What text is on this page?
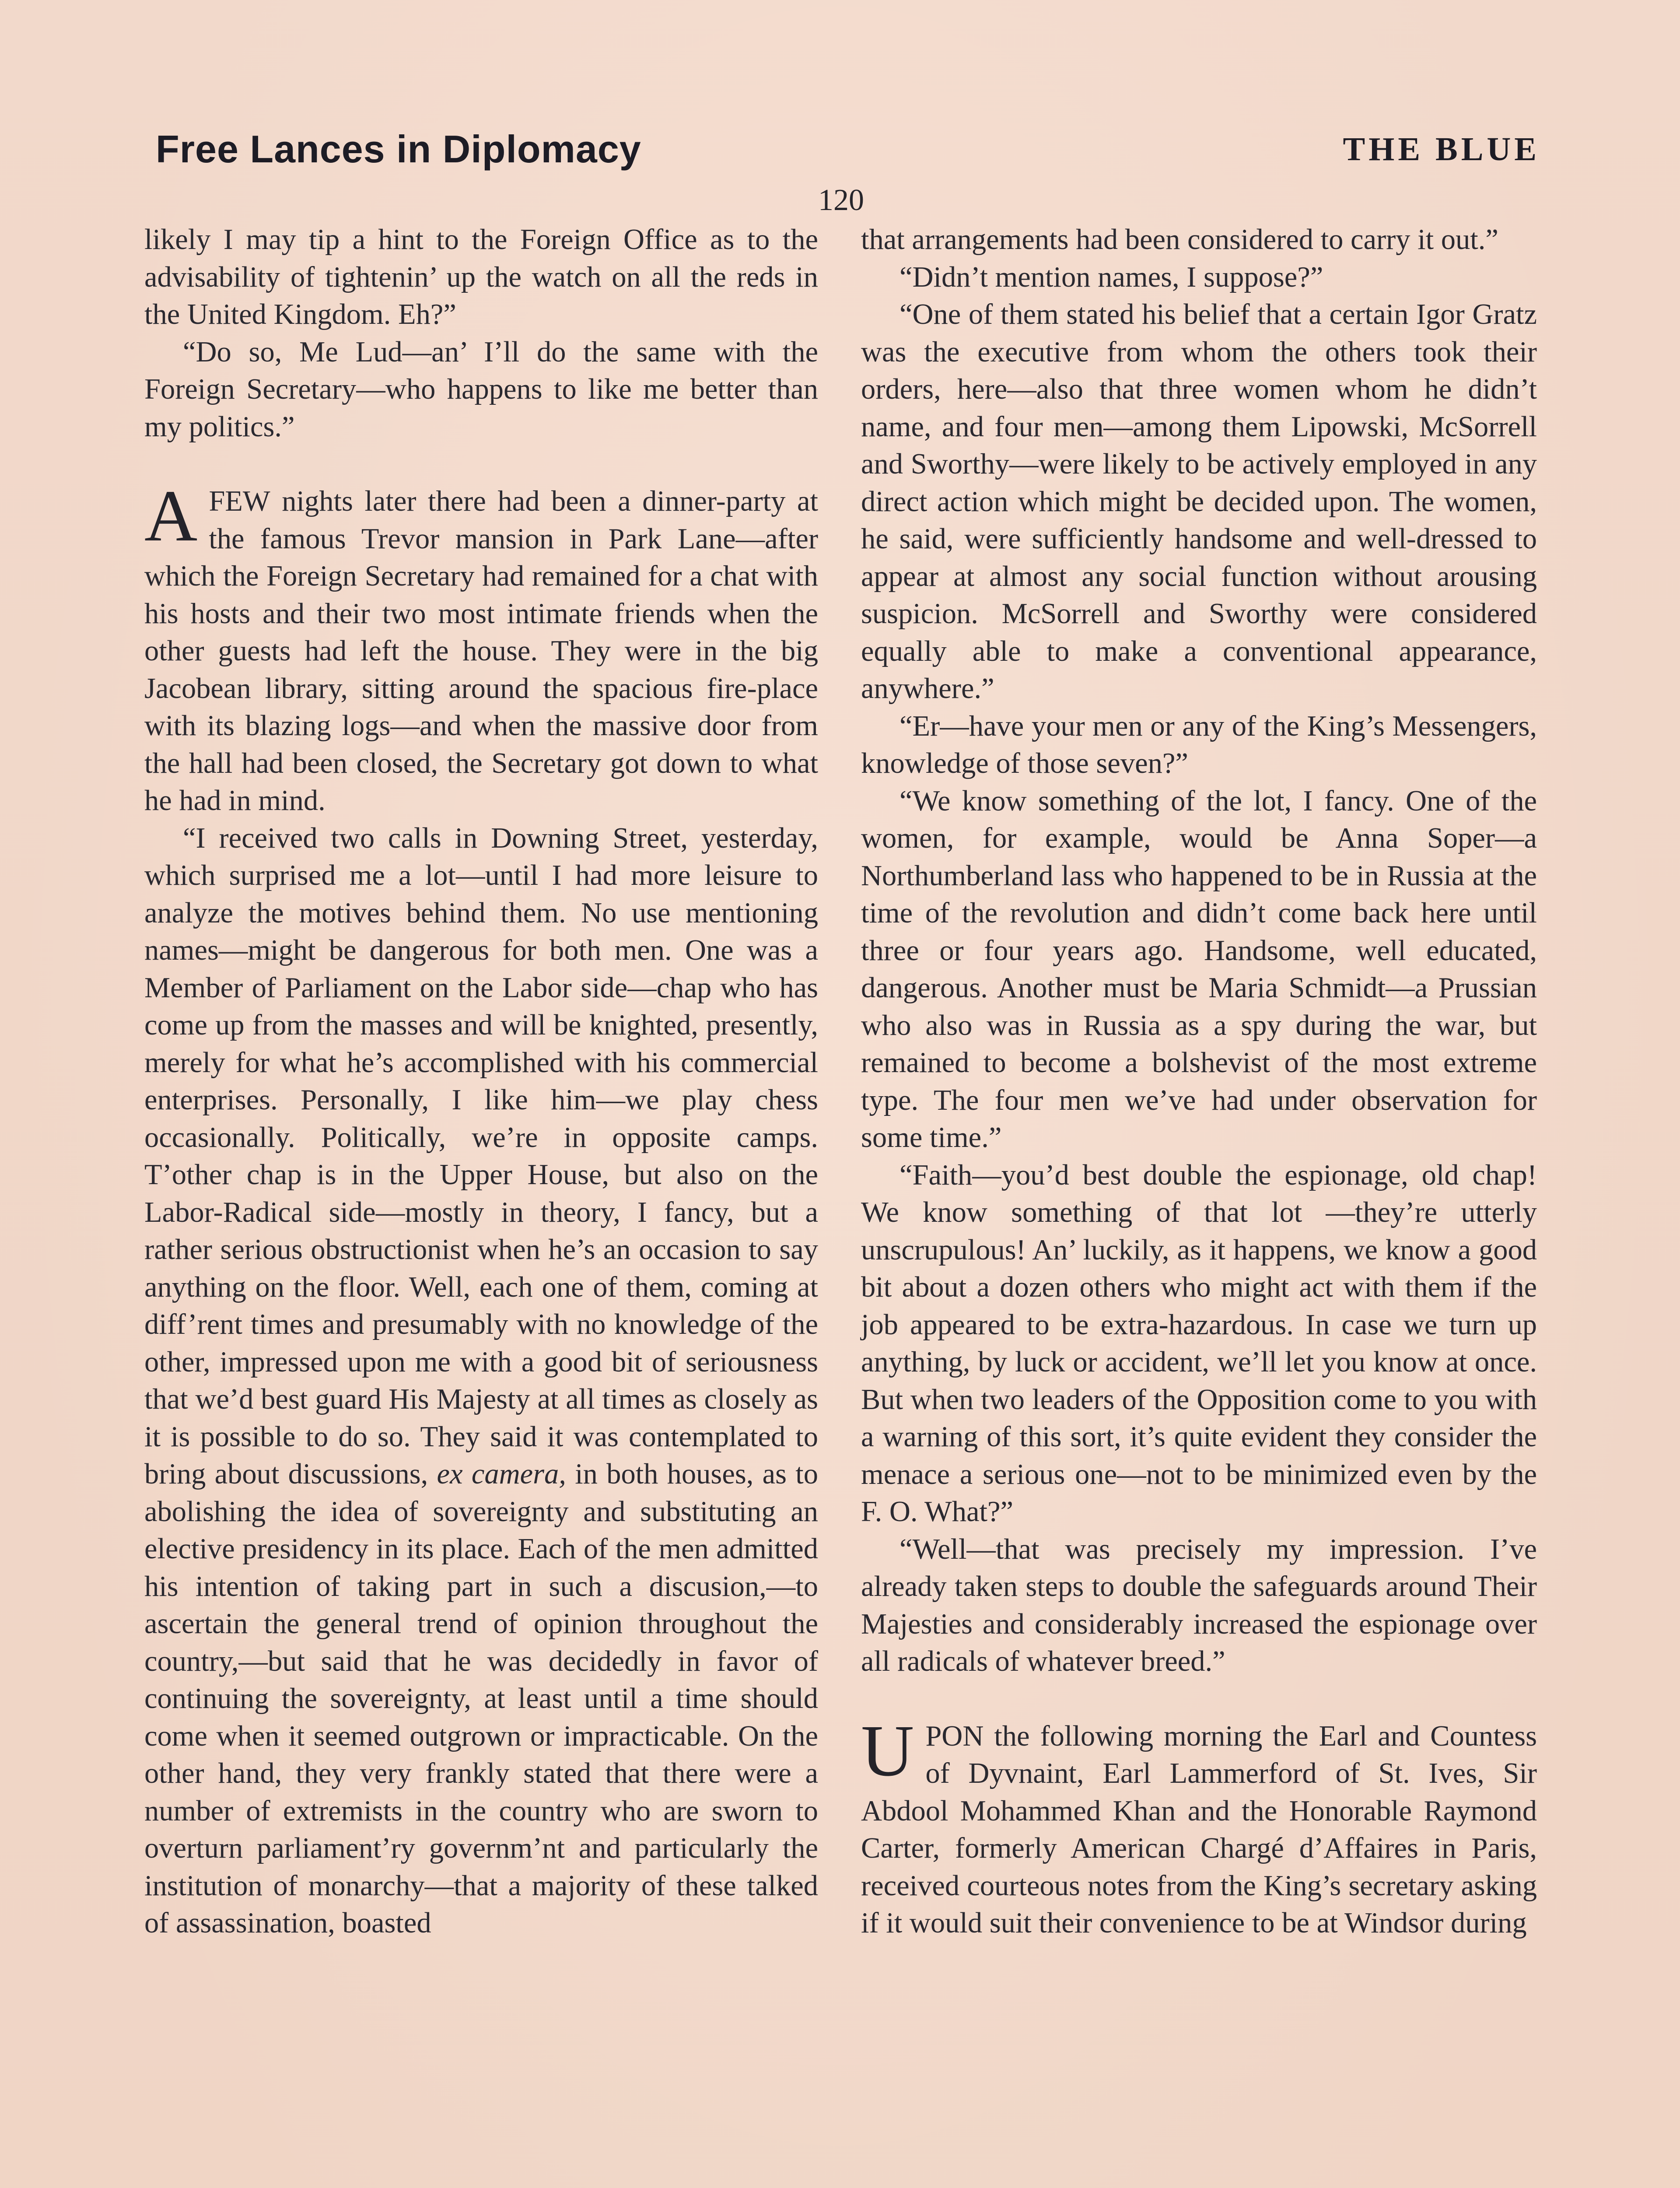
Free Lances in Diplomacy	THE BLUE
120

likely I may tip a hint to the Foreign Office as to the advisability of tightenin’ up the watch on all the reds in the United Kingdom. Eh?”

“Do so, Me Lud—an’ I’ll do the same with the Foreign Secretary—who happens to like me better than my politics.”

AFEW nights later there had been a dinner-party at the famous Trevor mansion in Park Lane—after which the Foreign Secretary had remained for a chat with his hosts and their two most intimate friends when the other guests had left the house. They were in the big Jacobean library, sitting around the spacious fire-place with its blazing logs—and when the massive door from the hall had been closed, the Secretary got down to what he had in mind.

“I received two calls in Downing Street, yesterday, which surprised me a lot—until I had more leisure to analyze the motives behind them. No use mentioning names—might be dangerous for both men. One was a Member of Parliament on the Labor side—chap who has come up from the masses and will be knighted, presently, merely for what he’s accomplished with his commercial enterprises. Personally, I like him—we play chess occasionally. Politically, we’re in opposite camps. T’other chap is in the Upper House, but also on the Labor-Radical side—mostly in theory, I fancy, but a rather serious obstructionist when he’s an occasion to say anything on the floor. Well, each one of them, coming at diff’rent times and presumably with no knowledge of the other, impressed upon me with a good bit of seriousness that we’d best guard His Majesty at all times as closely as it is possible to do so. They said it was contemplated to bring about discussions, ex camera, in both houses, as to abolishing the idea of sovereignty and substituting an elective presidency in its place. Each of the men admitted his intention of taking part in such a discusion,—to ascertain the general trend of opinion throughout the country,—but said that he was decidedly in favor of continuing the sovereignty, at least until a time should come when it seemed outgrown or impracticable. On the other hand, they very frankly stated that there were a number of extremists in the country who are sworn to overturn parliament’ry governm’nt and particularly the institution of monarchy—that a majority of these talked of assassination, boasted

that arrangements had been considered to carry it out.”

“Didn’t mention names, I suppose?”

“One of them stated his belief that a certain Igor Gratz was the executive from whom the others took their orders, here—also that three women whom he didn’t name, and four men—among them Lipowski, McSorrell and Sworthy—were likely to be actively employed in any direct action which might be decided upon. The women, he said, were sufficiently handsome and well-dressed to appear at almost any social function without arousing suspicion. McSorrell and Sworthy were considered equally able to make a conventional appearance, anywhere.”

“Er—have your men or any of the King’s Messengers, knowledge of those seven?”

“We know something of the lot, I fancy. One of the women, for example, would be Anna Soper—a Northumberland lass who happened to be in Russia at the time of the revolution and didn’t come back here until three or four years ago. Handsome, well educated, dangerous. Another must be Maria Schmidt—a Prussian who also was in Russia as a spy during the war, but remained to become a bolshevist of the most extreme type. The four men we’ve had under observation for some time.”

“Faith—you’d best double the espionage, old chap! We know something of that lot —they’re utterly unscrupulous! An’ luckily, as it happens, we know a good bit about a dozen others who might act with them if the job appeared to be extra-hazardous. In case we turn up anything, by luck or accident, we’ll let you know at once. But when two leaders of the Opposition come to you with a warning of this sort, it’s quite evident they consider the menace a serious one—not to be minimized even by the F. O. What?”

“Well—that was precisely my impression. I’ve already taken steps to double the safeguards around Their Majesties and considerably increased the espionage over all radicals of whatever breed.”

UPON the following morning the Earl and Countess of Dyvnaint, Earl Lammerford of St. Ives, Sir Abdool Mohammed Khan and the Honorable Raymond Carter, formerly American Chargé d’Affaires in Paris, received courteous notes from the King’s secretary asking if it would suit their convenience to be at Windsor during
